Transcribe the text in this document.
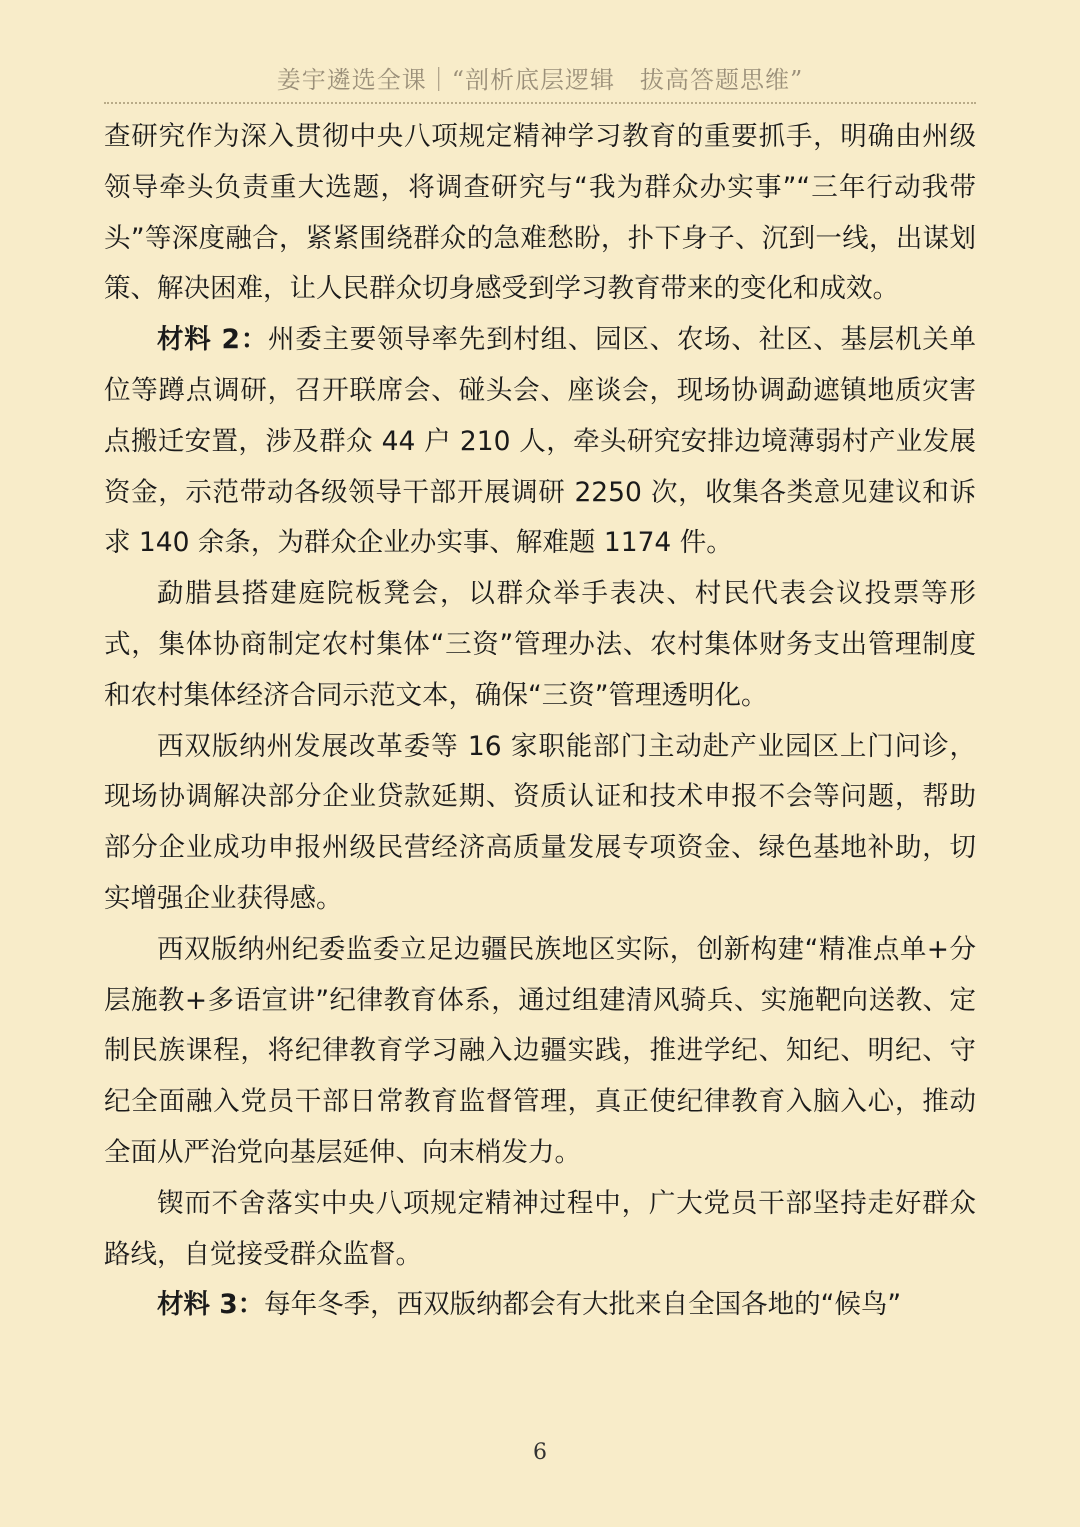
姜宇遴选全课｜“剖析底层逻辑　拔高答题思维”

查研究作为深入贯彻中央八项规定精神学习教育的重要抓手，明确由州级领导牵头负责重大选题，将调查研究与“我为群众办实事”“三年行动我带头”等深度融合，紧紧围绕群众的急难愁盼，扑下身子、沉到一线，出谋划策、解决困难，让人民群众切身感受到学习教育带来的变化和成效。

材料 2：州委主要领导率先到村组、园区、农场、社区、基层机关单位等蹲点调研，召开联席会、碰头会、座谈会，现场协调勐遮镇地质灾害点搬迁安置，涉及群众 44 户 210 人，牵头研究安排边境薄弱村产业发展资金，示范带动各级领导干部开展调研 2250 次，收集各类意见建议和诉求 140 余条，为群众企业办实事、解难题 1174 件。

勐腊县搭建庭院板凳会，以群众举手表决、村民代表会议投票等形式，集体协商制定农村集体“三资”管理办法、农村集体财务支出管理制度和农村集体经济合同示范文本，确保“三资”管理透明化。

西双版纳州发展改革委等 16 家职能部门主动赴产业园区上门问诊，现场协调解决部分企业贷款延期、资质认证和技术申报不会等问题，帮助部分企业成功申报州级民营经济高质量发展专项资金、绿色基地补助，切实增强企业获得感。

西双版纳州纪委监委立足边疆民族地区实际，创新构建“精准点单+分层施教+多语宣讲”纪律教育体系，通过组建清风骑兵、实施靶向送教、定制民族课程，将纪律教育学习融入边疆实践，推进学纪、知纪、明纪、守纪全面融入党员干部日常教育监督管理，真正使纪律教育入脑入心，推动全面从严治党向基层延伸、向末梢发力。

锲而不舍落实中央八项规定精神过程中，广大党员干部坚持走好群众路线，自觉接受群众监督。

材料 3：每年冬季，西双版纳都会有大批来自全国各地的“候鸟”

6
